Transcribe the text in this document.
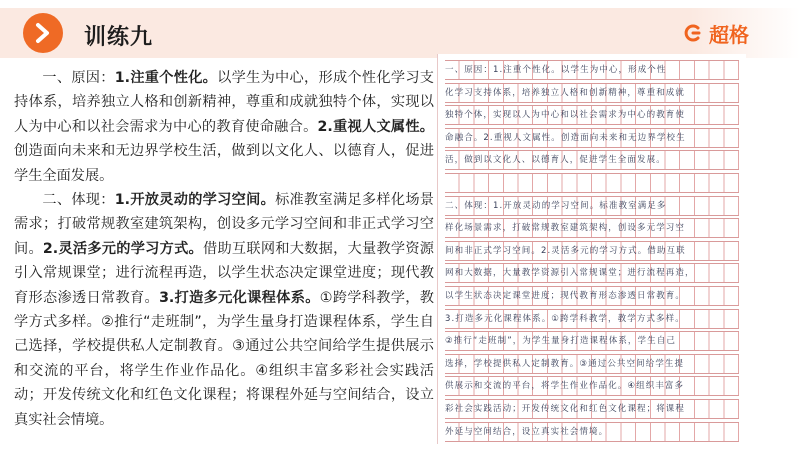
训练九	超格

一、原因：1.注重个性化。以学生为中心，形成个性化学习支持体系，培养独立人格和创新精神，尊重和成就独特个体，实现以人为中心和以社会需求为中心的教育使命融合。2.重视人文属性。创造面向未来和无边界学校生活，做到以文化人、以德育人，促进学生全面发展。

二、体现：1.开放灵动的学习空间。标准教室满足多样化场景需求；打破常规教室建筑架构，创设多元学习空间和非正式学习空间。2.灵活多元的学习方式。借助互联网和大数据，大量教学资源引入常规课堂；进行流程再造，以学生状态决定课堂进度；现代教育形态渗透日常教育。3.打造多元化课程体系。①跨学科教学，教学方式多样。②推行“走班制”，为学生量身打造课程体系，学生自己选择，学校提供私人定制教育。③通过公共空间给学生提供展示和交流的平台，将学生作业作品化。④组织丰富多彩社会实践活动；开发传统文化和红色文化课程；将课程外延与空间结合，设立真实社会情境。

一、原因：1.注重个性化。以学生为中心，形成个性
化学习支持体系，培养独立人格和创新精神，尊重和成就
独特个体，实现以人为中心和以社会需求为中心的教育使
命融合。2.重视人文属性。创造面向未来和无边界学校生
活，做到以文化人、以德育人，促进学生全面发展。
二、体现：1.开放灵动的学习空间。标准教室满足多
样化场景需求，打破常规教室建筑架构，创设多元学习空
间和非正式学习空间。2.灵活多元的学习方式。借助互联
网和大数据，大量教学资源引入常规课堂；进行流程再造，
以学生状态决定课堂进度；现代教育形态渗透日常教育。
3.打造多元化课程体系。①跨学科教学，教学方式多样。
②推行“走班制”，为学生量身打造课程体系，学生自己
选择，学校提供私人定制教育。③通过公共空间给学生提
供展示和交流的平台，将学生作业作品化。④组织丰富多
彩社会实践活动；开发传统文化和红色文化课程；将课程
外延与空间结合，设立真实社会情境。
